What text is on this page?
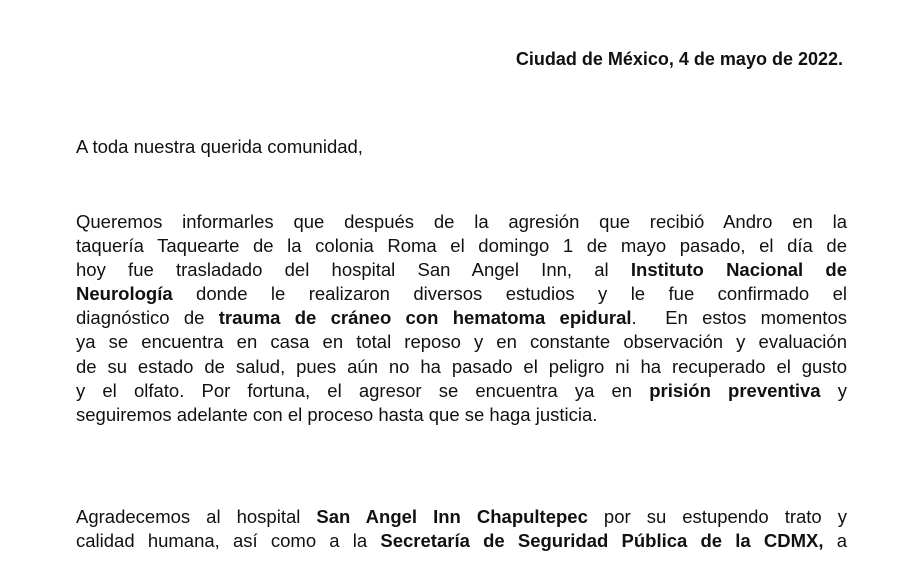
Ciudad de México, 4 de mayo de 2022.
A toda nuestra querida comunidad,
Queremos informarles que después de la agresión que recibió Andro en la
taquería Taquearte de la colonia Roma el domingo 1 de mayo pasado, el día de
hoy fue trasladado del hospital San Angel Inn, al Instituto Nacional de
Neurología donde le realizaron diversos estudios y le fue confirmado el
diagnóstico de trauma de cráneo con hematoma epidural.  En estos momentos
ya se encuentra en casa en total reposo y en constante observación y evaluación
de su estado de salud, pues aún no ha pasado el peligro ni ha recuperado el gusto
y el olfato. Por fortuna, el agresor se encuentra ya en prisión preventiva y
seguiremos adelante con el proceso hasta que se haga justicia.
Agradecemos al hospital San Angel Inn Chapultepec por su estupendo trato y
calidad humana, así como a la Secretaría de Seguridad Pública de la CDMX, a
